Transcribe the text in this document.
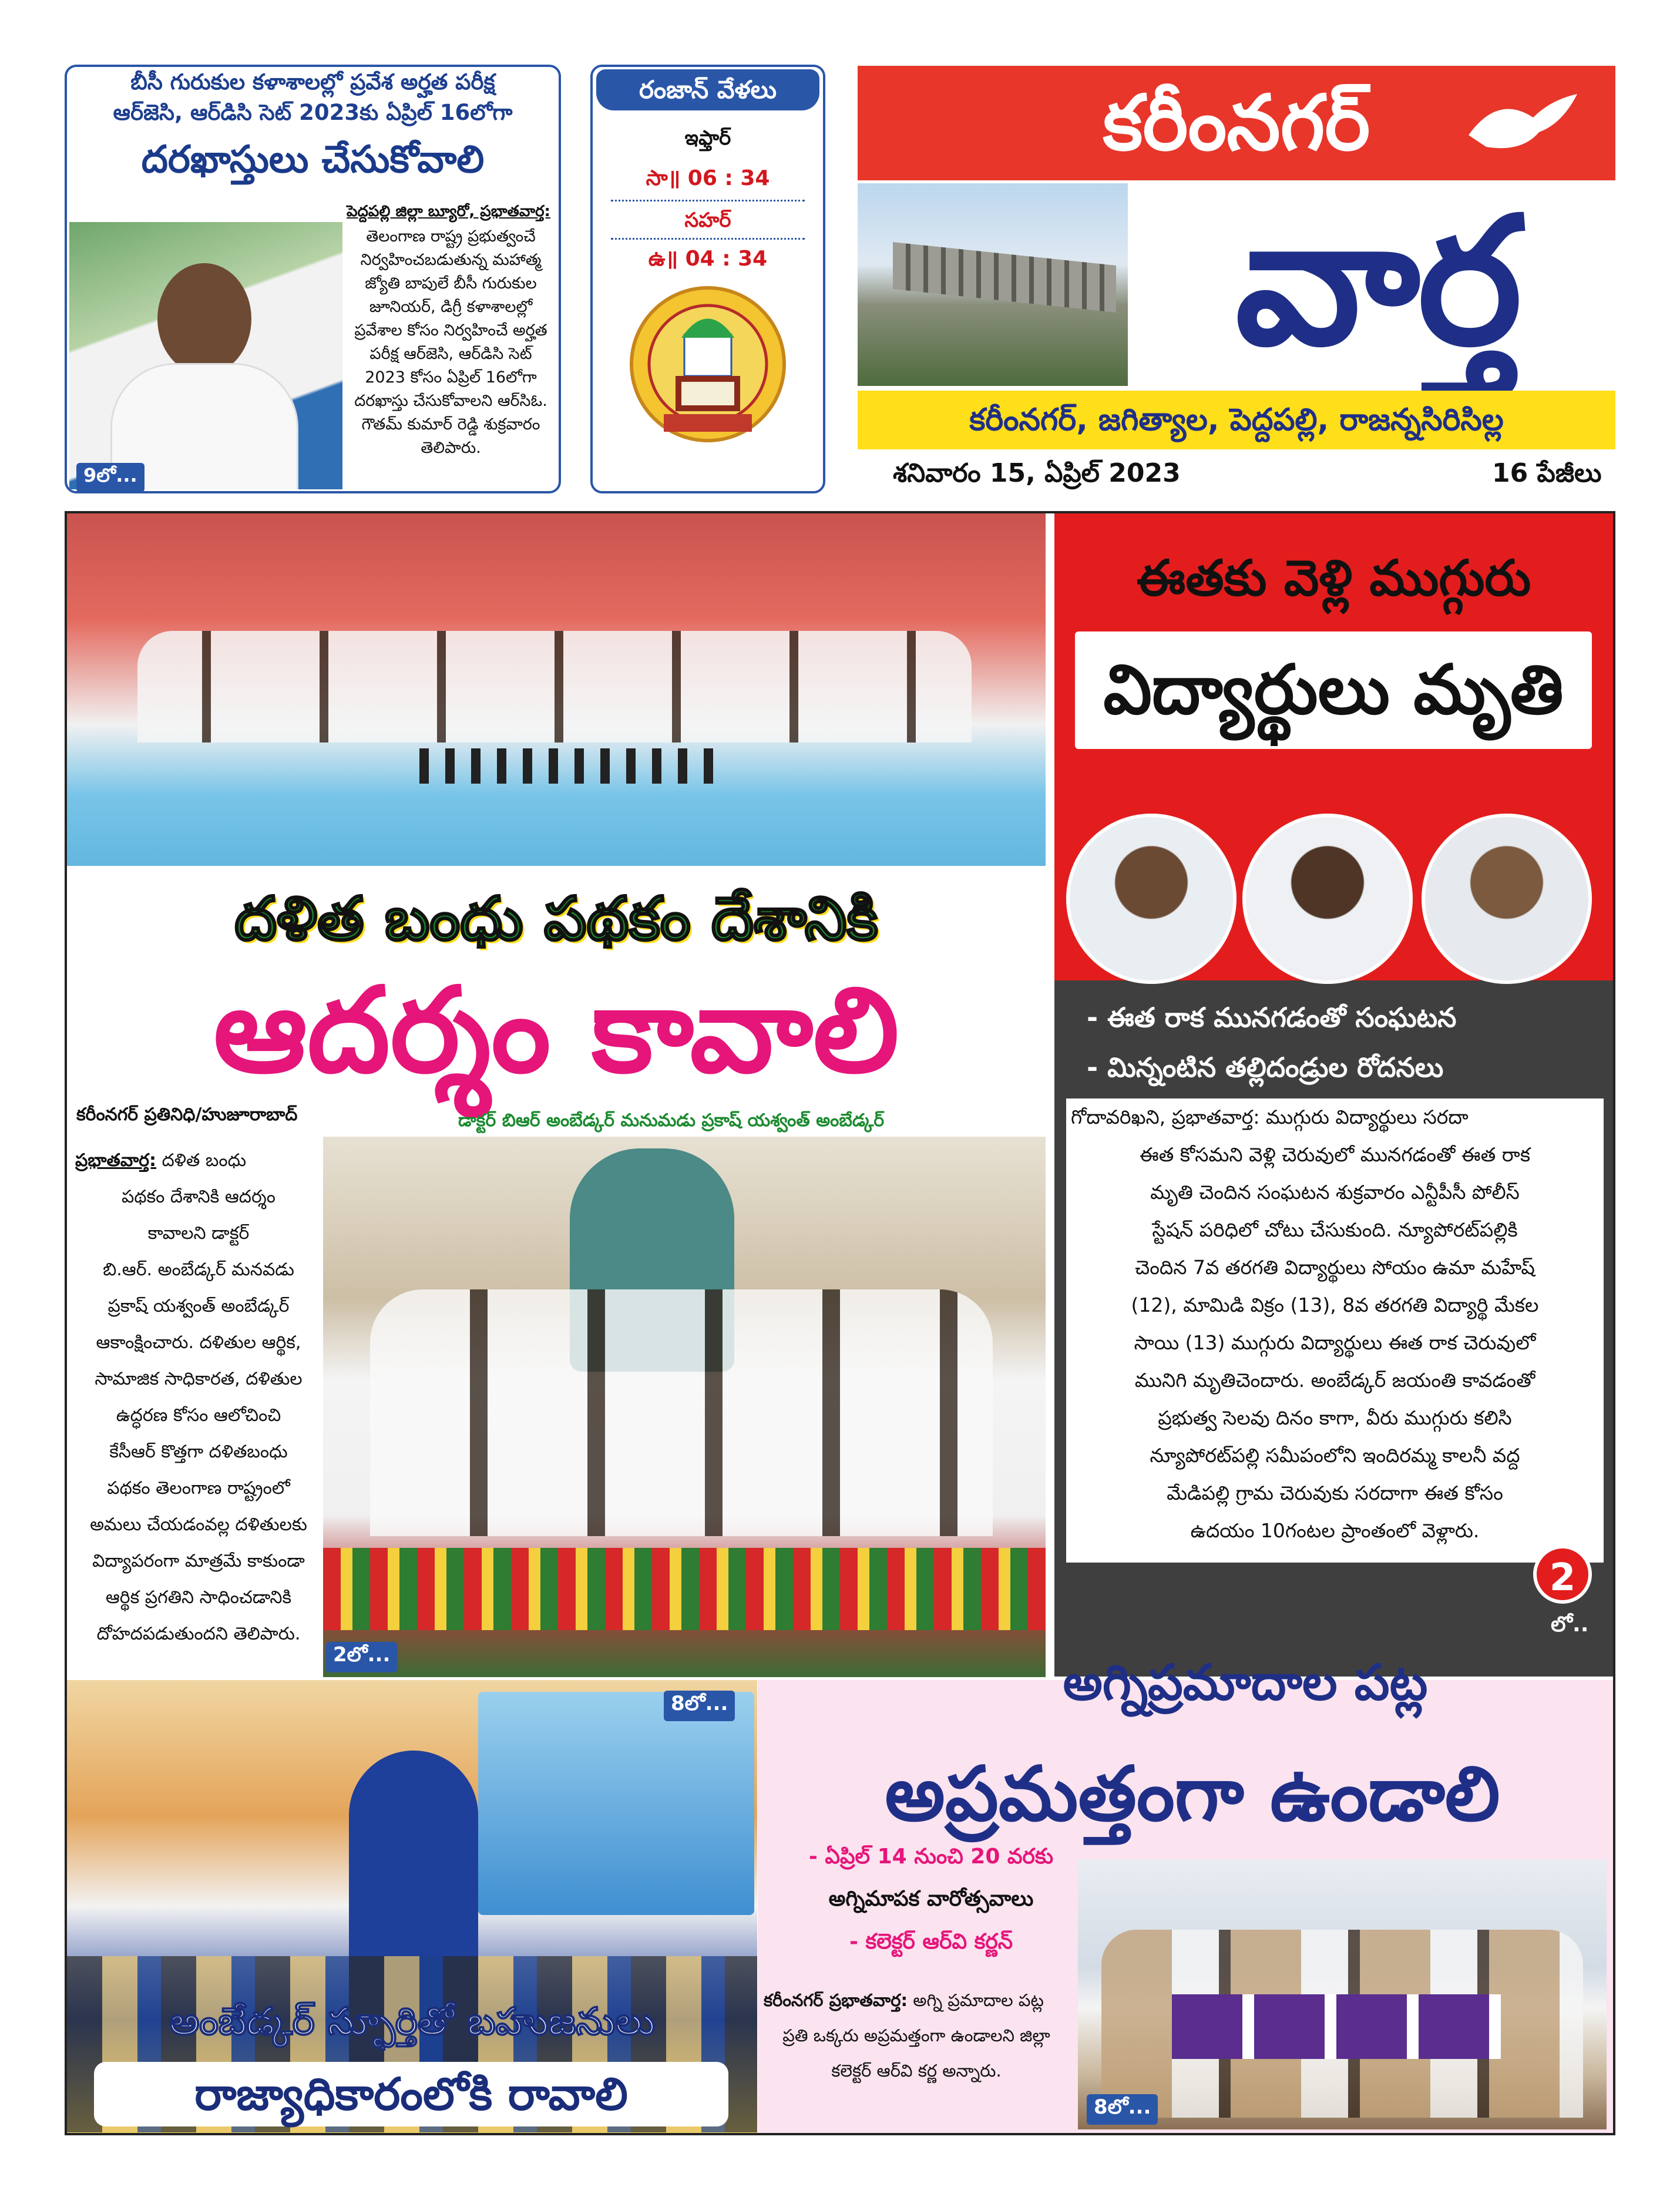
బీసీ గురుకుల కళాశాలల్లో ప్రవేశ అర్హత పరీక్ష
ఆర్‌జెసి, ఆర్‌డిసి సెట్ 2023కు ఏప్రిల్ 16లోగా
దరఖాస్తులు చేసుకోవాలి
9లో...
పెద్దపల్లి జిల్లా బ్యూరో, ప్రభాతవార్త:
తెలంగాణ రాష్ట్ర ప్రభుత్వంచే
నిర్వహించబడుతున్న మహాత్మ
జ్యోతి బాపులే బీసీ గురుకుల
జూనియర్, డిగ్రీ కళాశాలల్లో
ప్రవేశాల కోసం నిర్వహించే అర్హత
పరీక్ష ఆర్‌జెసి, ఆర్‌డిసి సెట్
2023 కోసం ఏప్రిల్ 16లోగా
దరఖాస్తు చేసుకోవాలని ఆర్‌సిఓ.
గౌతమ్ కుమార్ రెడ్డి శుక్రవారం
తెలిపారు.
రంజాన్ వేళలు
ఇఫ్తార్
సా॥ 06 : 34
సహర్
ఉ॥ 04 : 34
కరీంనగర్
వార్త
కరీంనగర్, జగిత్యాల, పెద్దపల్లి, రాజన్నసిరిసిల్ల
శనివారం 15, ఏప్రిల్ 2023	16 పేజీలు
దళిత బంధు పథకం దేశానికి
ఆదర్శం కావాలి
కరీంనగర్ ప్రతినిధి/హుజూరాబాద్	డాక్టర్ బిఆర్ అంబేడ్కర్ మనుమడు ప్రకాష్ యశ్వంత్ అంబేడ్కర్
ప్రభాతవార్త: దళిత బంధు
పథకం దేశానికి ఆదర్శం
కావాలని డాక్టర్
బి.ఆర్. అంబేడ్కర్ మనవడు
ప్రకాష్ యశ్వంత్ అంబేడ్కర్
ఆకాంక్షించారు. దళితుల ఆర్థిక,
సామాజిక సాధికారత, దళితుల
ఉద్ధరణ కోసం ఆలోచించి
కేసీఆర్ కొత్తగా దళితబంధు
పథకం తెలంగాణ రాష్ట్రంలో
అమలు చేయడంవల్ల దళితులకు
విద్యాపరంగా మాత్రమే కాకుండా
ఆర్థిక ప్రగతిని సాధించడానికి
దోహదపడుతుందని తెలిపారు.
2లో...
ఈతకు వెళ్లి ముగ్గురు
విద్యార్థులు మృతి
- ఈత రాక మునగడంతో సంఘటన
- మిన్నంటిన తల్లిదండ్రుల రోదనలు
గోదావరిఖని, ప్రభాతవార్త: ముగ్గురు విద్యార్థులు సరదా
ఈత కోసమని వెళ్లి చెరువులో మునగడంతో ఈత రాక
మృతి చెందిన సంఘటన శుక్రవారం ఎన్టీపీసీ పోలీస్
స్టేషన్ పరిధిలో చోటు చేసుకుంది. న్యూపోరట్‌పల్లికి
చెందిన 7వ తరగతి విద్యార్థులు సోయం ఉమా మహేష్
(12), మామిడి విక్రం (13), 8వ తరగతి విద్యార్థి మేకల
సాయి (13) ముగ్గురు విద్యార్థులు ఈత రాక చెరువులో
మునిగి మృతిచెందారు. అంబేడ్కర్ జయంతి కావడంతో
ప్రభుత్వ సెలవు దినం కాగా, వీరు ముగ్గురు కలిసి
న్యూపోరట్‌పల్లి సమీపంలోని ఇందిరమ్మ కాలనీ వద్ద
మేడిపల్లి గ్రామ చెరువుకు సరదాగా ఈత కోసం
ఉదయం 10గంటల ప్రాంతంలో వెళ్లారు.
2
లో..
8లో...
అంబేడ్కర్ స్ఫూర్తితో బహుజనులు
రాజ్యాధికారంలోకి రావాలి
అగ్నిప్రమాదాల పట్ల
అప్రమత్తంగా ఉండాలి
- ఏప్రిల్ 14 నుంచి 20 వరకు
అగ్నిమాపక వారోత్సవాలు
- కలెక్టర్ ఆర్‌వి కర్ణన్
కరీంనగర్ ప్రభాతవార్త: అగ్ని ప్రమాదాల పట్ల
ప్రతి ఒక్కరు అప్రమత్తంగా ఉండాలని జిల్లా
కలెక్టర్ ఆర్‌వి కర్ణ అన్నారు.
8లో...
